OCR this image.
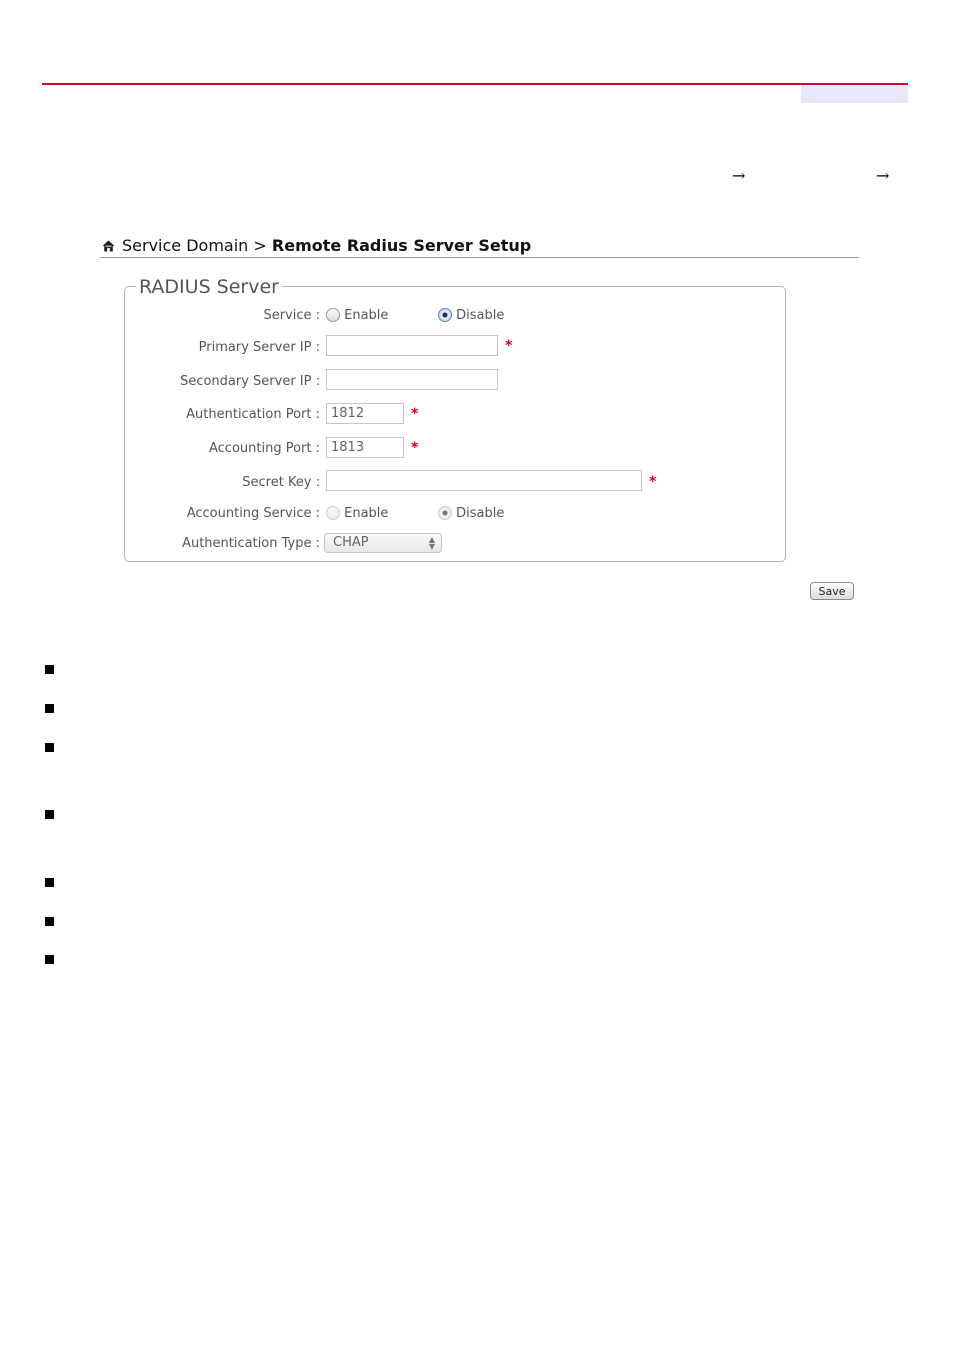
→	→
Service Domain > Remote Radius Server Setup
RADIUS Server
Service :	Enable	Disable
Primary Server IP :	*
Secondary Server IP :
Authentication Port : 1812	*
Accounting Port : 1813	*
Secret Key :	*
Accounting Service :	Enable	Disable
Authentication Type :	CHAP	▲
▼
Save
